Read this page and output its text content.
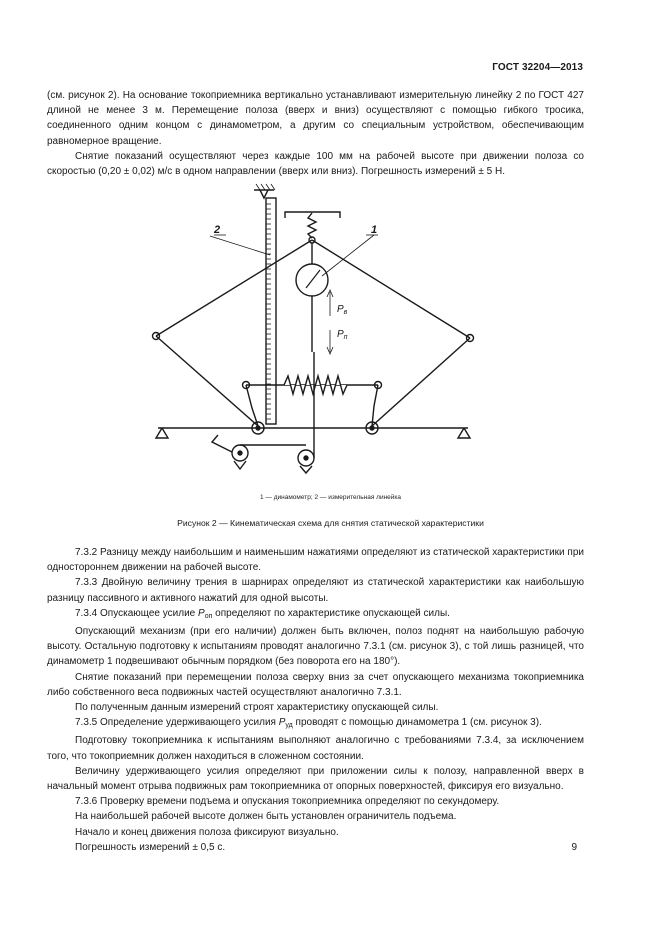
ГОСТ 32204—2013

(см. рисунок 2). На основание токоприемника вертикально устанавливают измерительную линейку 2 по ГОСТ 427 длиной не менее 3 м. Перемещение полоза (вверх и вниз) осуществляют с помощью гибкого тросика, соединенного одним концом с динамометром, а другим со специальным устройством, обеспечивающим равномерное вращение.

Снятие показаний осуществляют через каждые 100 мм на рабочей высоте при движении полоза со скоростью (0,20 ± 0,02) м/с в одном направлении (вверх или вниз). Погрешность измерений ± 5 Н.

2	1
$P_в$
$P_п$
1 — динамометр; 2 — измерительная линейка
Рисунок 2 — Кинематическая схема для снятия статической характеристики

7.3.2 Разницу между наибольшим и наименьшим нажатиями определяют из статической характеристики при одностороннем движении на рабочей высоте.

7.3.3 Двойную величину трения в шарнирах определяют из статической характеристики как наибольшую разницу пассивного и активного нажатий для одной высоты.

7.3.4 Опускающее усилие $P_{оп}$ определяют по характеристике опускающей силы.

Опускающий механизм (при его наличии) должен быть включен, полоз поднят на наибольшую рабочую высоту. Остальную подготовку к испытаниям проводят аналогично 7.3.1 (см. рисунок 3), с той лишь разницей, что динамометр 1 подвешивают обычным порядком (без поворота его на 180°).

Снятие показаний при перемещении полоза сверху вниз за счет опускающего механизма токоприемника либо собственного веса подвижных частей осуществляют аналогично 7.3.1.

По полученным данным измерений строят характеристику опускающей силы.

7.3.5 Определение удерживающего усилия $P_{уд}$ проводят с помощью динамометра 1 (см. рисунок 3).

Подготовку токоприемника к испытаниям выполняют аналогично с требованиями 7.3.4, за исключением того, что токоприемник должен находиться в сложенном состоянии.

Величину удерживающего усилия определяют при приложении силы к полозу, направленной вверх в начальный момент отрыва подвижных рам токоприемника от опорных поверхностей, фиксируя его визуально.

7.3.6 Проверку времени подъема и опускания токоприемника определяют по секундомеру.

На наибольшей рабочей высоте должен быть установлен ограничитель подъема.

Начало и конец движения полоза фиксируют визуально.

Погрешность измерений ± 0,5 с.	9
